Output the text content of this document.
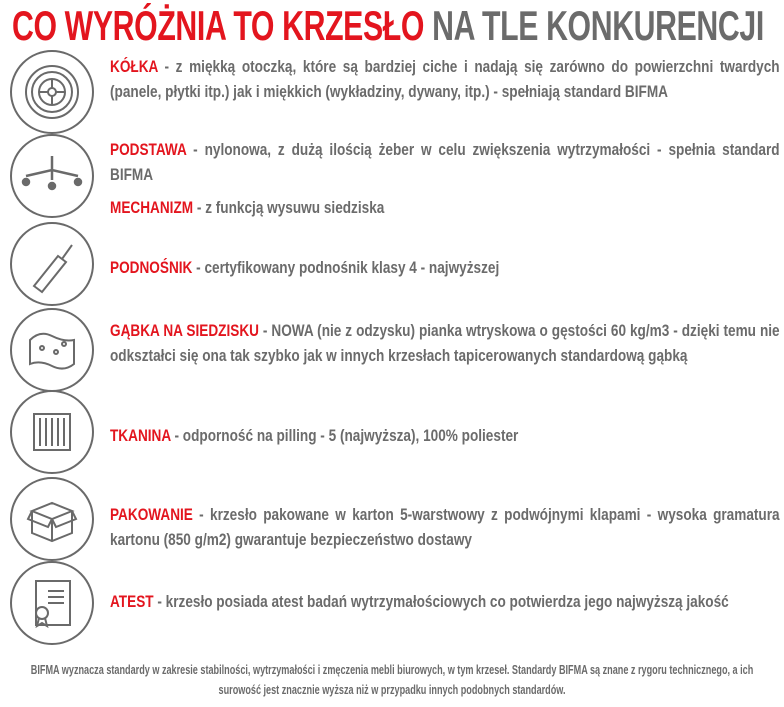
CO WYRÓŻNIA TO KRZESŁO NA TLE KONKURENCJI
KÓŁKA - z miękką otoczką, które są bardziej ciche i nadają się zarówno do powierzchni twardych (panele, płytki itp.) jak i miękkich (wykładziny, dywany, itp.) - spełniają standard BIFMA
PODSTAWA - nylonowa, z dużą ilością żeber w celu zwiększenia wytrzymałości - spełnia standard BIFMA
MECHANIZM - z funkcją wysuwu siedziska
PODNOŚNIK - certyfikowany podnośnik klasy 4 - najwyższej
GĄBKA NA SIEDZISKU - NOWA (nie z odzysku) pianka wtryskowa o gęstości 60 kg/m3 - dzięki temu nie odkształci się ona tak szybko jak w innych krzesłach tapicerowanych standardową gąbką
TKANINA - odporność na pilling - 5 (najwyższa), 100% poliester
PAKOWANIE - krzesło pakowane w karton 5-warstwowy z podwójnymi klapami - wysoka gramatura kartonu (850 g/m2) gwarantuje bezpieczeństwo dostawy
ATEST - krzesło posiada atest badań wytrzymałościowych co potwierdza jego najwyższą jakość
BIFMA wyznacza standardy w zakresie stabilności, wytrzymałości i zmęczenia mebli biurowych, w tym krzeseł. Standardy BIFMA są znane z rygoru technicznego, a ich surowość jest znacznie wyższa niż w przypadku innych podobnych standardów.
